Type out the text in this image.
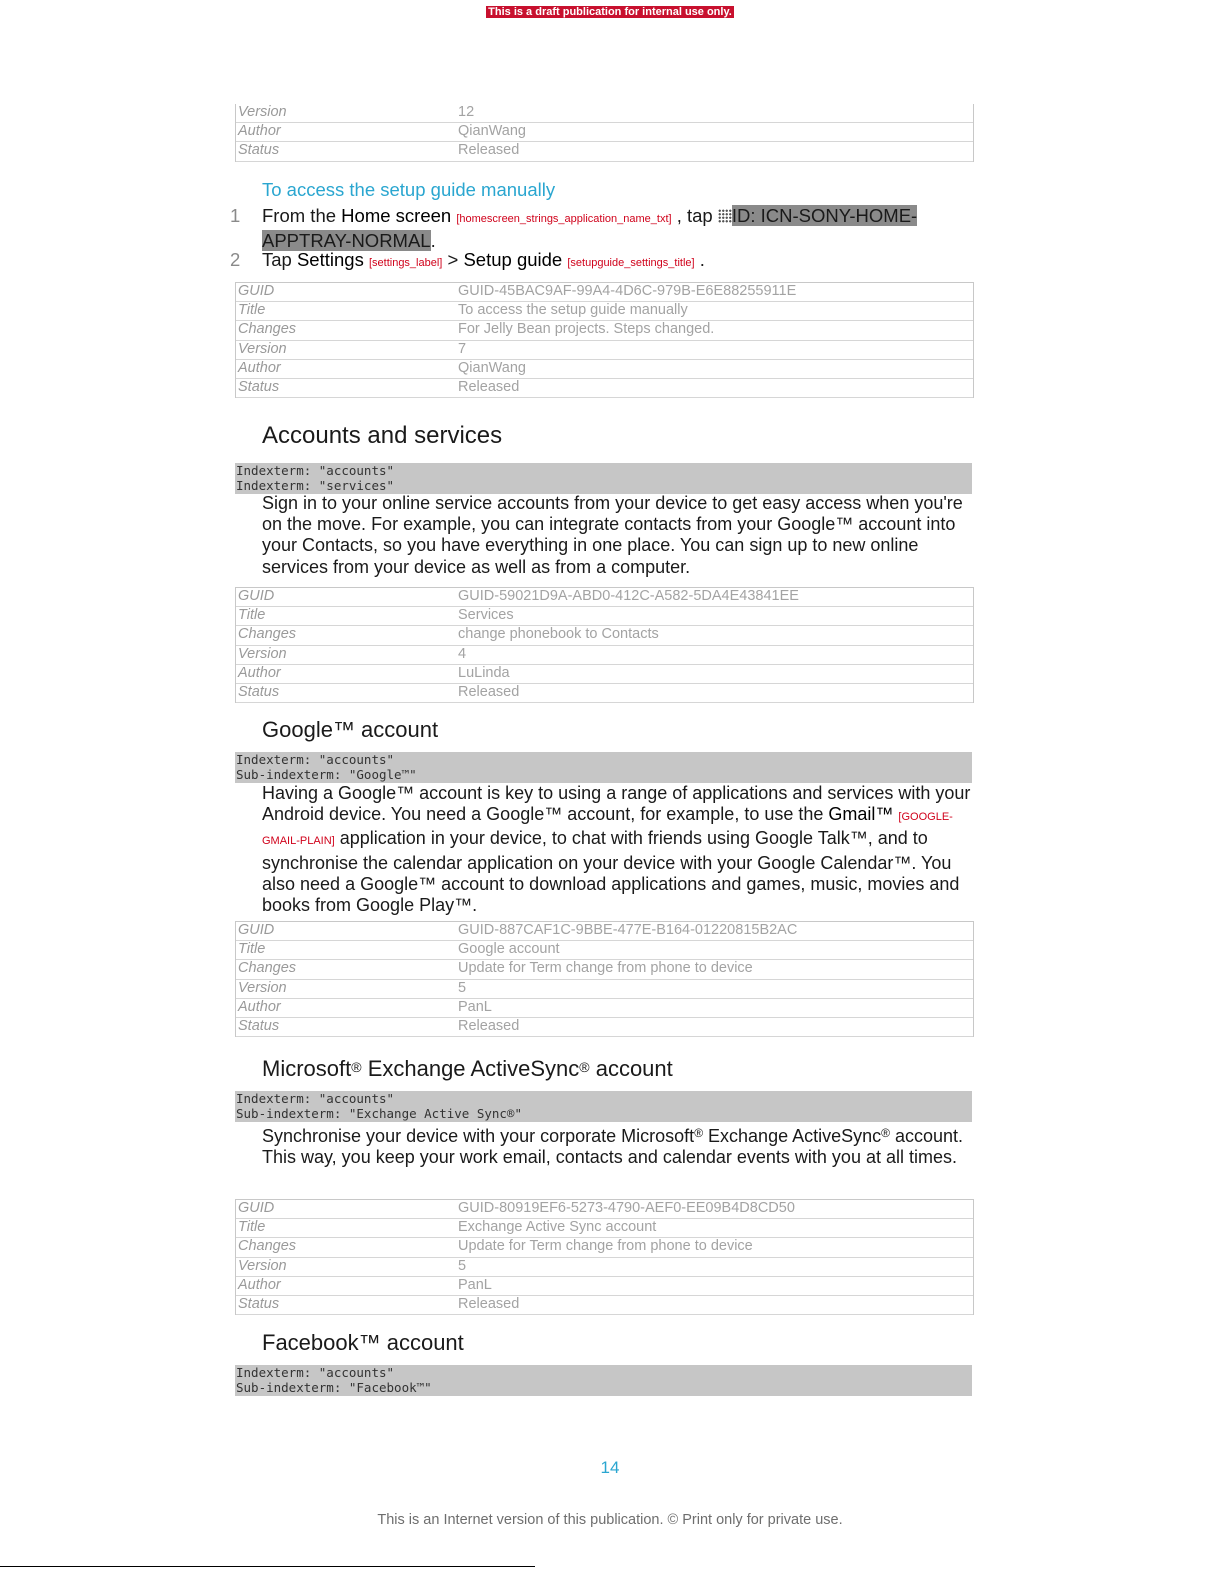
This is a draft publication for internal use only.
Version	12
Author	QianWang
Status	Released
To access the setup guide manually
1 From the Home screen [homescreen_strings_application_name_txt] , tap ID: ICN-SONY-HOME-APPTRAY-NORMAL.
2 Tap Settings [settings_label] > Setup guide [setupguide_settings_title] .
GUID	GUID-45BAC9AF-99A4-4D6C-979B-E6E88255911E
Title	To access the setup guide manually
Changes	For Jelly Bean projects. Steps changed.
Version	7
Author	QianWang
Status	Released
Accounts and services
Indexterm: "accounts"
Indexterm: "services"
Sign in to your online service accounts from your device to get easy access when you're on the move. For example, you can integrate contacts from your Google™ account into your Contacts, so you have everything in one place. You can sign up to new online services from your device as well as from a computer.
GUID	GUID-59021D9A-ABD0-412C-A582-5DA4E43841EE
Title	Services
Changes	change phonebook to Contacts
Version	4
Author	LuLinda
Status	Released
Google™ account
Indexterm: "accounts"
Sub-indexterm: "Google™"
Having a Google™ account is key to using a range of applications and services with your Android device. You need a Google™ account, for example, to use the Gmail™ [GOOGLE-GMAIL-PLAIN] application in your device, to chat with friends using Google Talk™, and to synchronise the calendar application on your device with your Google Calendar™. You also need a Google™ account to download applications and games, music, movies and books from Google Play™.
GUID	GUID-887CAF1C-9BBE-477E-B164-01220815B2AC
Title	Google account
Changes	Update for Term change from phone to device
Version	5
Author	PanL
Status	Released
Microsoft® Exchange ActiveSync® account
Indexterm: "accounts"
Sub-indexterm: "Exchange Active Sync®"
Synchronise your device with your corporate Microsoft® Exchange ActiveSync® account. This way, you keep your work email, contacts and calendar events with you at all times.
GUID	GUID-80919EF6-5273-4790-AEF0-EE09B4D8CD50
Title	Exchange Active Sync account
Changes	Update for Term change from phone to device
Version	5
Author	PanL
Status	Released
Facebook™ account
Indexterm: "accounts"
Sub-indexterm: "Facebook™"
14
This is an Internet version of this publication. © Print only for private use.
